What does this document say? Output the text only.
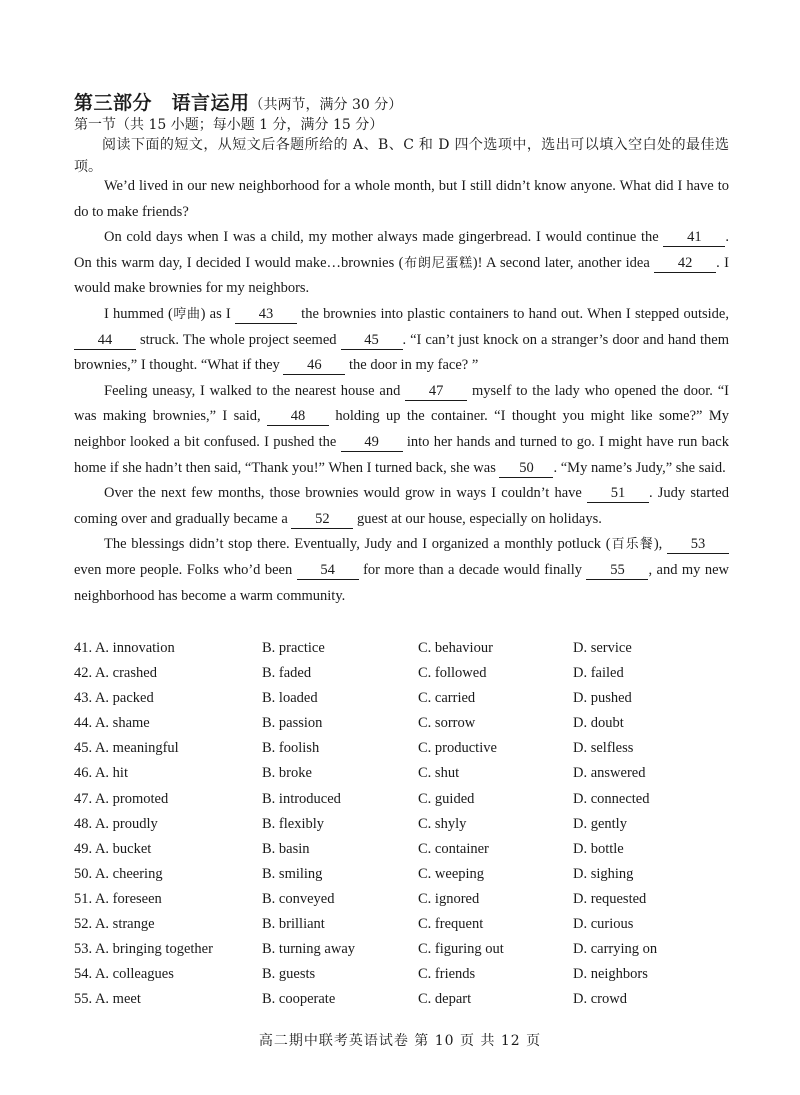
第三部分　语言运用（共两节，满分 30 分）
第一节（共 15 小题；每小题 1 分，满分 15 分）
阅读下面的短文，从短文后各题所给的 A、B、C 和 D 四个选项中，选出可以填入空白处的最佳选项。

We’d lived in our new neighborhood for a whole month, but I still didn’t know anyone. What did I have to do to make friends?

On cold days when I was a child, my mother always made gingerbread. I would continue the 41 . On this warm day, I decided I would make…brownies (布朗尼蛋糕)! A second later, another idea 42 . I would make brownies for my neighbors.

I hummed (哼曲) as I 43 the brownies into plastic containers to hand out. When I stepped outside, 44 struck. The whole project seemed 45 . “I can’t just knock on a stranger’s door and hand them brownies,” I thought. “What if they 46 the door in my face? ”

Feeling uneasy, I walked to the nearest house and 47 myself to the lady who opened the door. “I was making brownies,” I said, 48 holding up the container. “I thought you might like some?” My neighbor looked a bit confused. I pushed the 49 into her hands and turned to go. I might have run back home if she hadn’t then said, “Thank you!” When I turned back, she was 50 . “My name’s Judy,” she said.

Over the next few months, those brownies would grow in ways I couldn’t have 51 . Judy started coming over and gradually became a 52 guest at our house, especially on holidays.

The blessings didn’t stop there. Eventually, Judy and I organized a monthly potluck (百乐餐), 53 even more people. Folks who’d been 54 for more than a decade would finally 55 , and my new neighborhood has become a warm community.

41. A. innovation	B. practice	C. behaviour	D. service
42. A. crashed	B. faded	C. followed	D. failed
43. A. packed	B. loaded	C. carried	D. pushed
44. A. shame	B. passion	C. sorrow	D. doubt
45. A. meaningful	B. foolish	C. productive	D. selfless
46. A. hit	B. broke	C. shut	D. answered
47. A. promoted	B. introduced	C. guided	D. connected
48. A. proudly	B. flexibly	C. shyly	D. gently
49. A. bucket	B. basin	C. container	D. bottle
50. A. cheering	B. smiling	C. weeping	D. sighing
51. A. foreseen	B. conveyed	C. ignored	D. requested
52. A. strange	B. brilliant	C. frequent	D. curious
53. A. bringing together	B. turning away	C. figuring out	D. carrying on
54. A. colleagues	B. guests	C. friends	D. neighbors
55. A. meet	B. cooperate	C. depart	D. crowd
高二期中联考英语试卷 第 10 页 共 12 页
